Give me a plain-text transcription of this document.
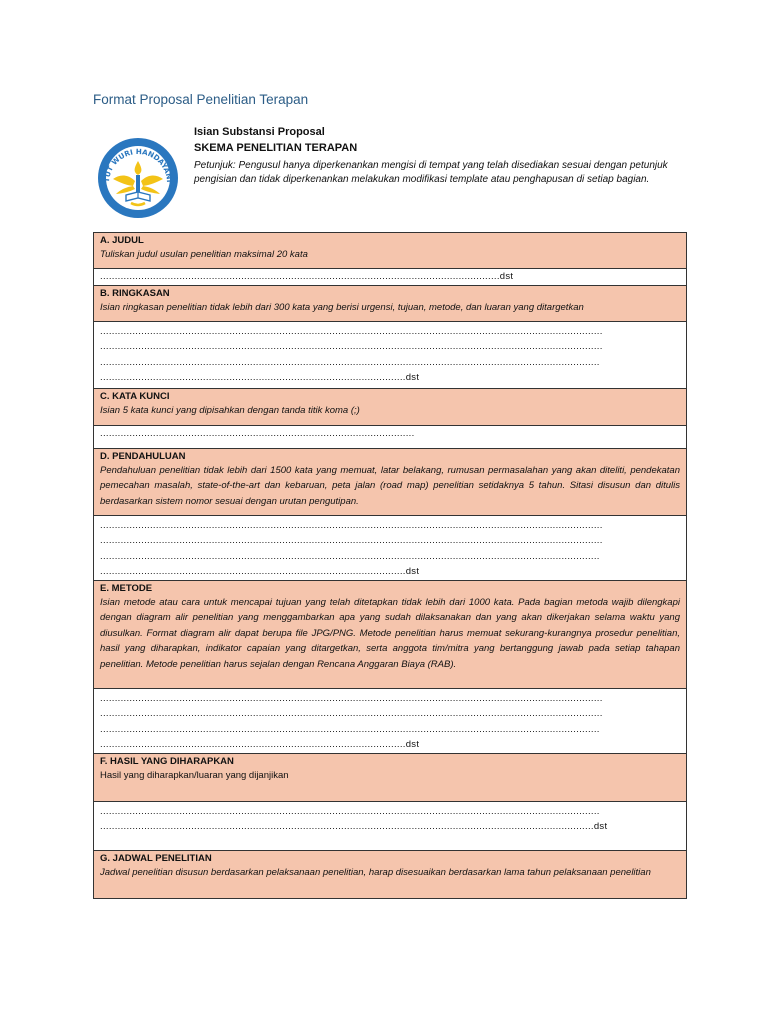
Format Proposal Penelitian Terapan
TUT WURI HANDAYANI
Isian Substansi Proposal
SKEMA PENELITIAN TERAPAN
Petunjuk: Pengusul hanya diperkenankan mengisi di tempat yang telah disediakan sesuai dengan petunjuk pengisian dan tidak diperkenankan melakukan modifikasi template atau penghapusan di setiap bagian.
A. JUDUL
Tuliskan judul usulan penelitian maksimal 20 kata

........................................................................................................................................dst

B. RINGKASAN
Isian ringkasan penelitian tidak lebih dari 300 kata yang berisi urgensi, tujuan, metode, dan luaran yang ditargetkan

...........................................................................................................................................................................
...........................................................................................................................................................................
..........................................................................................................................................................................
........................................................................................................dst

C. KATA KUNCI
Isian 5 kata kunci yang dipisahkan dengan tanda titik koma (;)

...........................................................................................................

D. PENDAHULUAN
Pendahuluan penelitian tidak lebih dari 1500 kata yang memuat, latar belakang, rumusan permasalahan yang akan diteliti, pendekatan pemecahan masalah, state-of-the-art dan kebaruan, peta jalan (road map) penelitian setidaknya 5 tahun. Sitasi disusun dan ditulis berdasarkan sistem nomor sesuai dengan urutan pengutipan.

...........................................................................................................................................................................
...........................................................................................................................................................................
..........................................................................................................................................................................
........................................................................................................dst

E. METODE
Isian metode atau cara untuk mencapai tujuan yang telah ditetapkan tidak lebih dari 1000 kata. Pada bagian metoda wajib dilengkapi dengan diagram alir penelitian yang menggambarkan apa yang sudah dilaksanakan dan yang akan dikerjakan selama waktu yang diusulkan. Format diagram alir dapat berupa file JPG/PNG. Metode penelitian harus memuat sekurang-kurangnya prosedur penelitian, hasil yang diharapkan, indikator capaian yang ditargetkan, serta anggota tim/mitra yang bertanggung jawab pada setiap tahapan penelitian. Metode penelitian harus sejalan dengan Rencana Anggaran Biaya (RAB).

...........................................................................................................................................................................
...........................................................................................................................................................................
..........................................................................................................................................................................
........................................................................................................dst

F. HASIL YANG DIHARAPKAN
Hasil yang diharapkan/luaran yang dijanjikan

..........................................................................................................................................................................
........................................................................................................................................................................dst

G. JADWAL PENELITIAN
Jadwal penelitian disusun berdasarkan pelaksanaan penelitian, harap disesuaikan berdasarkan lama tahun pelaksanaan penelitian
